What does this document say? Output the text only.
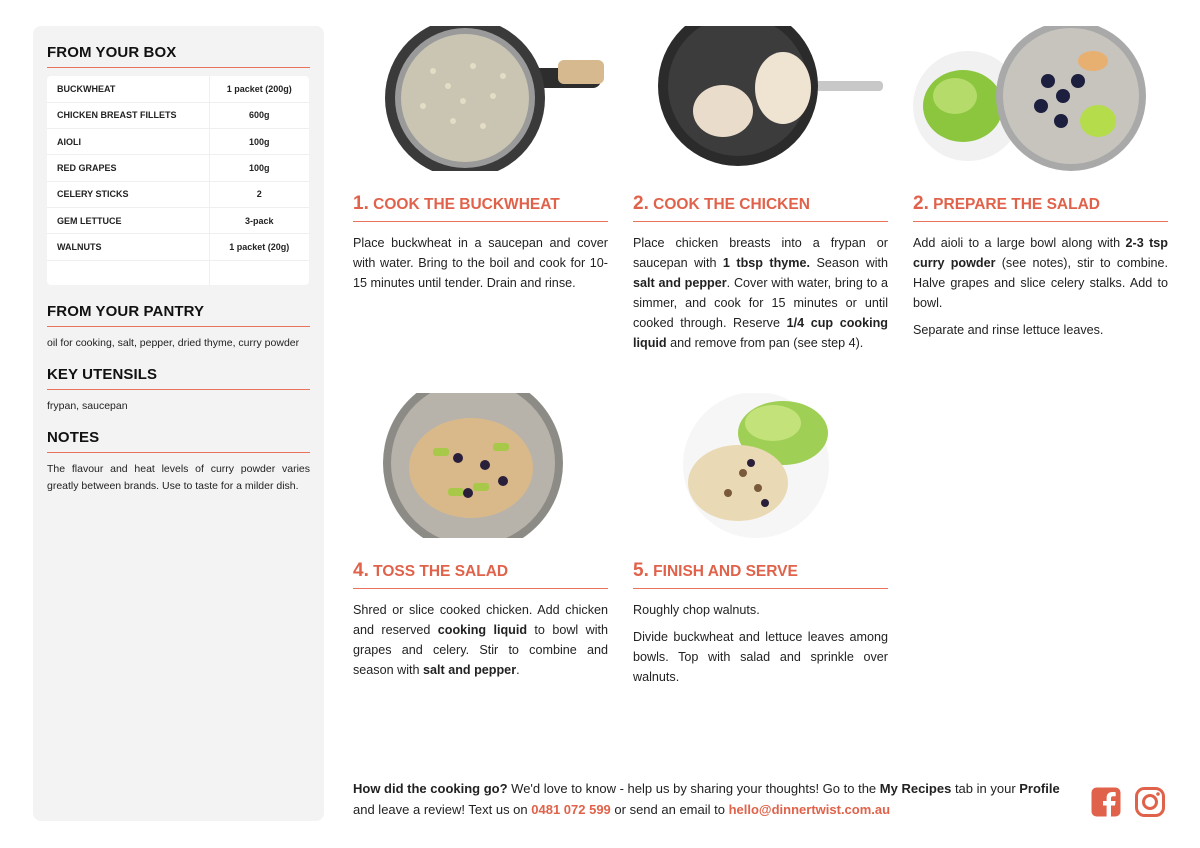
FROM YOUR BOX
BUCKWHEAT	1 packet (200g)
CHICKEN BREAST FILLETS	600g
AIOLI	100g
RED GRAPES	100g
CELERY STICKS	2
GEM LETTUCE	3-pack
WALNUTS	1 packet (20g)

FROM YOUR PANTRY
oil for cooking, salt, pepper, dried thyme, curry powder
KEY UTENSILS
frypan, saucepan
NOTES
The flavour and heat levels of curry powder varies greatly between brands. Use to taste for a milder dish.
1. COOK THE BUCKWHEAT

Place buckwheat in a saucepan and cover with water. Bring to the boil and cook for 10-15 minutes until tender. Drain and rinse.

2. COOK THE CHICKEN

Place chicken breasts into a frypan or saucepan with 1 tbsp thyme. Season with salt and pepper. Cover with water, bring to a simmer, and cook for 15 minutes or until cooked through. Reserve 1/4 cup cooking liquid and remove from pan (see step 4).

2. PREPARE THE SALAD

Add aioli to a large bowl along with 2-3 tsp curry powder (see notes), stir to combine. Halve grapes and slice celery stalks. Add to bowl.

Separate and rinse lettuce leaves.

4. TOSS THE SALAD

Shred or slice cooked chicken. Add chicken and reserved cooking liquid to bowl with grapes and celery. Stir to combine and season with salt and pepper.

5. FINISH AND SERVE

Roughly chop walnuts.

Divide buckwheat and lettuce leaves among bowls. Top with salad and sprinkle over walnuts.

How did the cooking go? We'd love to know - help us by sharing your thoughts! Go to the My Recipes tab in your Profile and leave a review! Text us on 0481 072 599 or send an email to hello@dinnertwist.com.au
